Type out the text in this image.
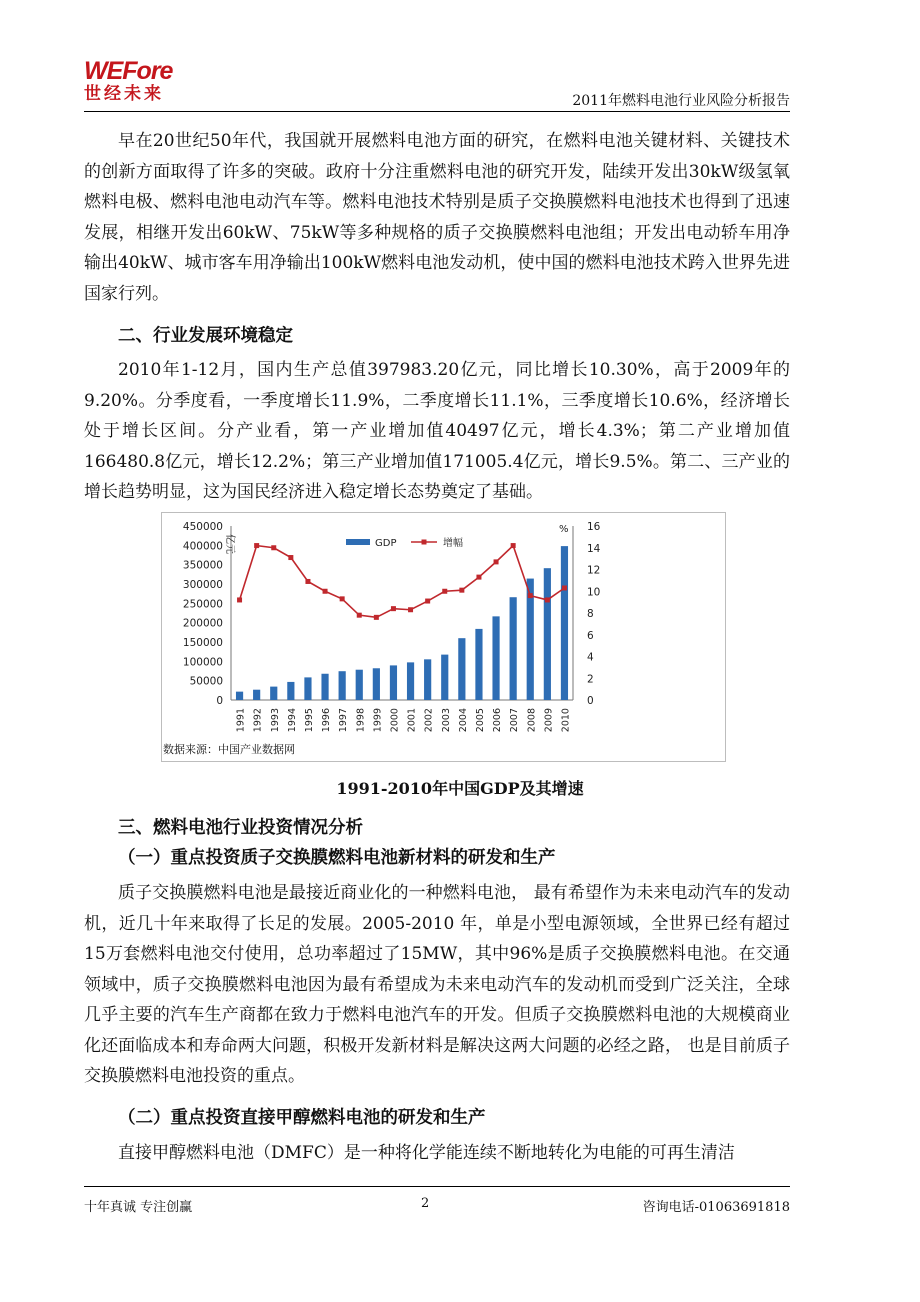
WEFore
世经未来	2011年燃料电池行业风险分析报告
早在20世纪50年代，我国就开展燃料电池方面的研究，在燃料电池关键材料、关键技术的创新方面取得了许多的突破。政府十分注重燃料电池的研究开发，陆续开发出30kW级氢氧燃料电极、燃料电池电动汽车等。燃料电池技术特别是质子交换膜燃料电池技术也得到了迅速发展，相继开发出60kW、75kW等多种规格的质子交换膜燃料电池组；开发出电动轿车用净输出40kW、城市客车用净输出100kW燃料电池发动机，使中国的燃料电池技术跨入世界先进国家行列。
二、行业发展环境稳定
2010年1-12月，国内生产总值397983.20亿元，同比增长10.30%，高于2009年的9.20%。分季度看，一季度增长11.9%，二季度增长11.1%，三季度增长10.6%，经济增长处于增长区间。分产业看，第一产业增加值40497亿元，增长4.3%；第二产业增加值166480.8亿元，增长12.2%；第三产业增加值171005.4亿元，增长9.5%。第二、三产业的增长趋势明显，这为国民经济进入稳定增长态势奠定了基础。
450000
400000
350000
300000
250000
200000
150000
100000
50000
0
16
14
12
10
8
6
4
2
0
亿元
%
1991 1992 1993 1994 1995 1996 1997 1998 1999 2000 2001 2002 2003 2004 2005 2006 2007 2008 2009 2010
GDP	增幅
数据来源：中国产业数据网
1991-2010年中国GDP及其增速
三、燃料电池行业投资情况分析
（一）重点投资质子交换膜燃料电池新材料的研发和生产
质子交换膜燃料电池是最接近商业化的一种燃料电池， 最有希望作为未来电动汽车的发动机，近几十年来取得了长足的发展。2005-2010 年，单是小型电源领域，全世界已经有超过15万套燃料电池交付使用，总功率超过了15MW，其中96%是质子交换膜燃料电池。在交通领域中，质子交换膜燃料电池因为最有希望成为未来电动汽车的发动机而受到广泛关注，全球几乎主要的汽车生产商都在致力于燃料电池汽车的开发。但质子交换膜燃料电池的大规模商业化还面临成本和寿命两大问题，积极开发新材料是解决这两大问题的必经之路， 也是目前质子交换膜燃料电池投资的重点。
（二）重点投资直接甲醇燃料电池的研发和生产
直接甲醇燃料电池（DMFC）是一种将化学能连续不断地转化为电能的可再生清洁
十年真诚 专注创赢	2	咨询电话-01063691818
